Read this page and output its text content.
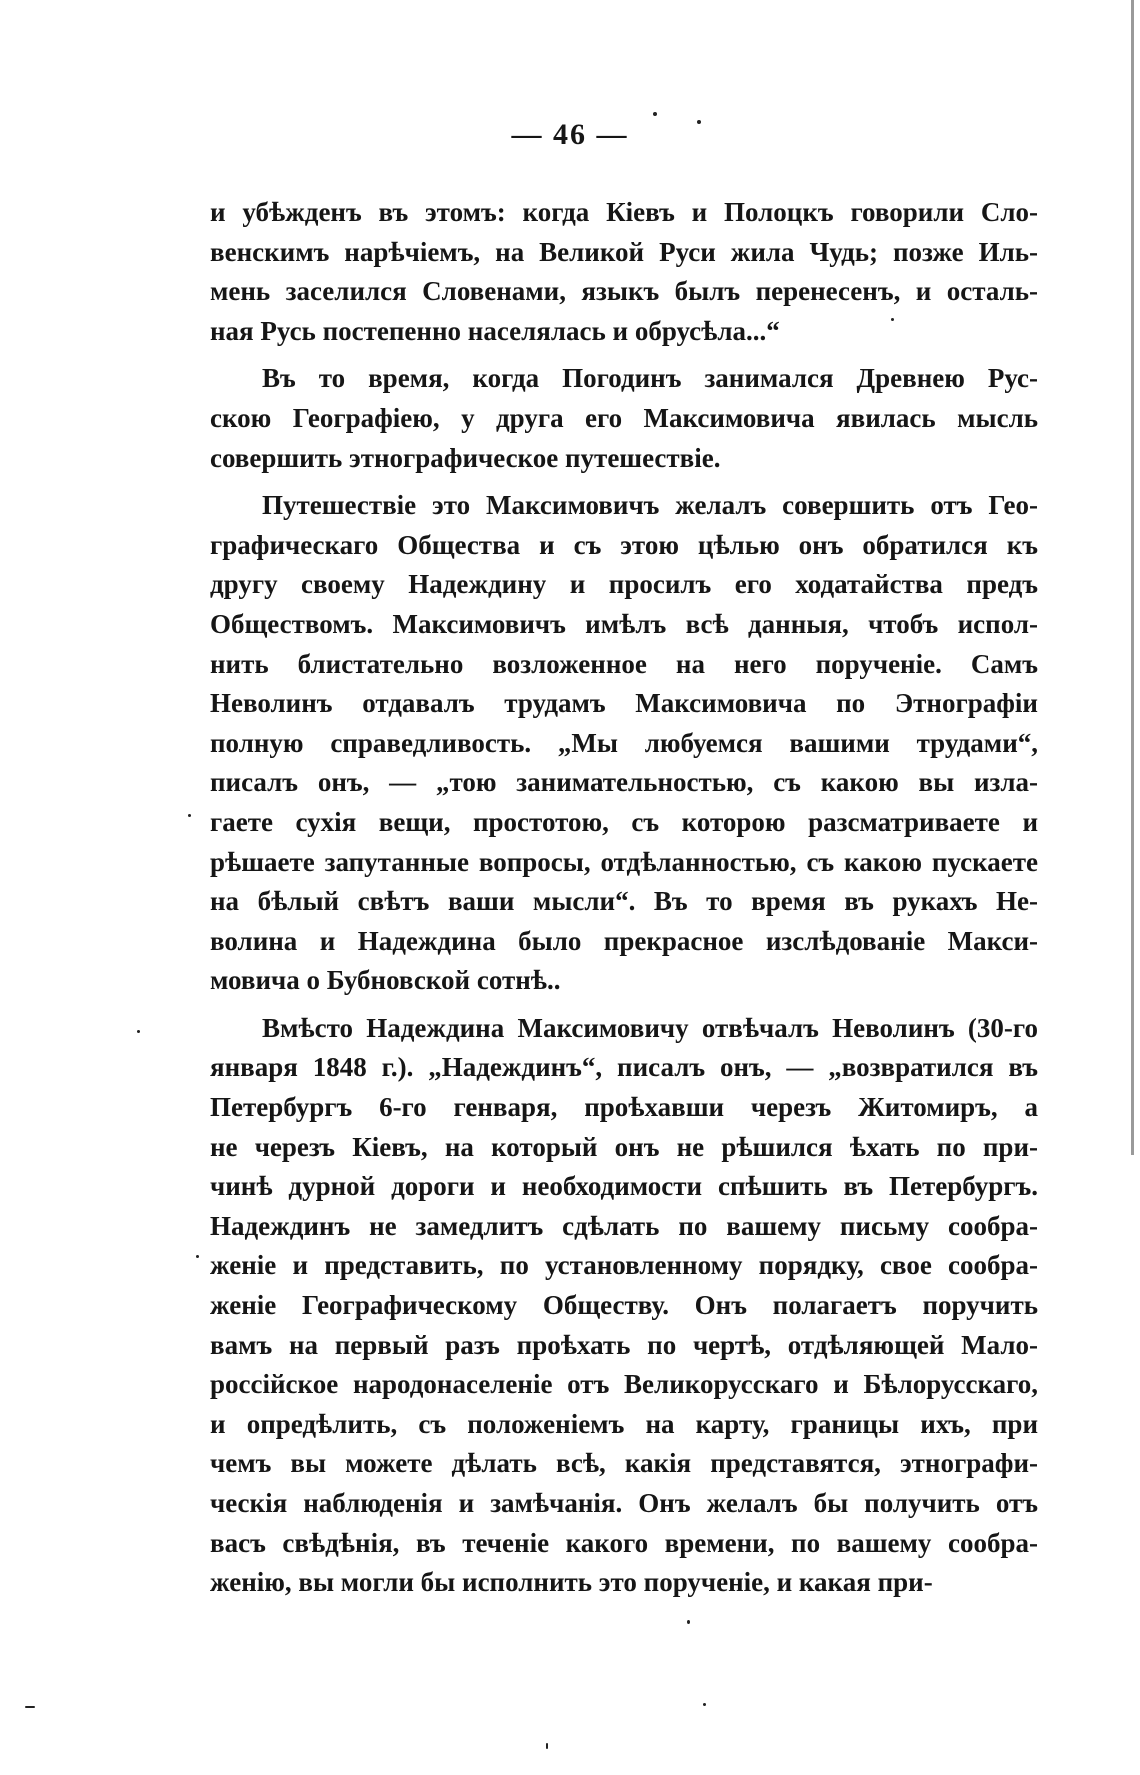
— 46 —
и убѣжденъ въ этомъ: когда Кіевъ и Полоцкъ говорили Сло-
венскимъ нарѣчіемъ, на Великой Руси жила Чудь; позже Иль-
мень заселился Словенами, языкъ былъ перенесенъ, и осталь-
ная Русь постепенно населялась и обрусѣла...“
Въ то время, когда Погодинъ занимался Древнею Рус-
скою Географіею, у друга его Максимовича явилась мысль
совершить этнографическое путешествіе.
Путешествіе это Максимовичъ желалъ совершить отъ Гео-
графическаго Общества и съ этою цѣлью онъ обратился къ
другу своему Надеждину и просилъ его ходатайства предъ
Обществомъ. Максимовичъ имѣлъ всѣ данныя, чтобъ испол-
нить блистательно возложенное на него порученіе. Самъ
Неволинъ отдавалъ трудамъ Максимовича по Этнографіи
полную справедливость. „Мы любуемся вашими трудами“,
писалъ онъ, — „тою занимательностью, съ какою вы изла-
гаете сухія вещи, простотою, съ которою разсматриваете и
рѣшаете запутанные вопросы, отдѣланностью, съ какою пускаете
на бѣлый свѣтъ ваши мысли“. Въ то время въ рукахъ Не-
волина и Надеждина было прекрасное изслѣдованіе Макси-
мовича о Бубновской сотнѣ..
Вмѣсто Надеждина Максимовичу отвѣчалъ Неволинъ (30-го
января 1848 г.). „Надеждинъ“, писалъ онъ, — „возвратился въ
Петербургъ 6-го генваря, проѣхавши черезъ Житомиръ, а
не черезъ Кіевъ, на который онъ не рѣшился ѣхать по при-
чинѣ дурной дороги и необходимости спѣшить въ Петербургъ.
Надеждинъ не замедлитъ сдѣлать по вашему письму сообра-
женіе и представить, по установленному порядку, свое сообра-
женіе Географическому Обществу. Онъ полагаетъ поручить
вамъ на первый разъ проѣхать по чертѣ, отдѣляющей Мало-
россійское народонаселеніе отъ Великорусскаго и Бѣлорусскаго,
и опредѣлить, съ положеніемъ на карту, границы ихъ, при
чемъ вы можете дѣлать всѣ, какія представятся, этнографи-
ческія наблюденія и замѣчанія. Онъ желалъ бы получить отъ
васъ свѣдѣнія, въ теченіе какого времени, по вашему сообра-
женію, вы могли бы исполнить это порученіе, и какая при-
